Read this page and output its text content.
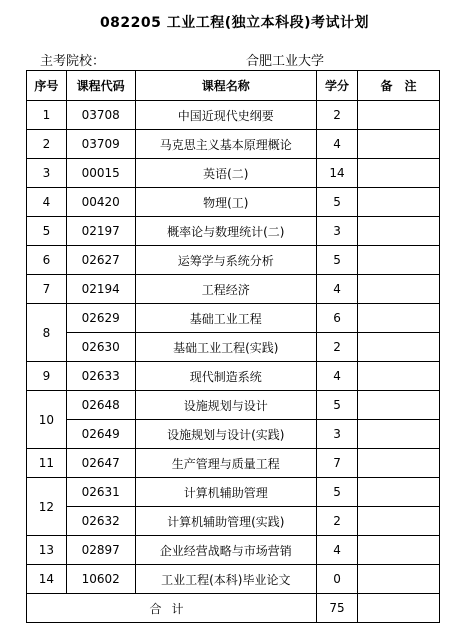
082205 工业工程(独立本科段)考试计划
主考院校：	合肥工业大学
序号	课程代码	课程名称	学分	备　注
1	03708	中国近现代史纲要	2	
2	03709	马克思主义基本原理概论	4	
3	00015	英语(二)	14	
4	00420	物理(工)	5	
5	02197	概率论与数理统计(二)	3	
6	02627	运筹学与系统分析	5	
7	02194	工程经济	4	
8	02629	基础工业工程	6	
	02630	基础工业工程(实践)	2	
9	02633	现代制造系统	4	
10	02648	设施规划与设计	5	
	02649	设施规划与设计(实践)	3	
11	02647	生产管理与质量工程	7	
12	02631	计算机辅助管理	5	
	02632	计算机辅助管理(实践)	2	
13	02897	企业经营战略与市场营销	4	
14	10602	工业工程(本科)毕业论文	0	
合计			75	
